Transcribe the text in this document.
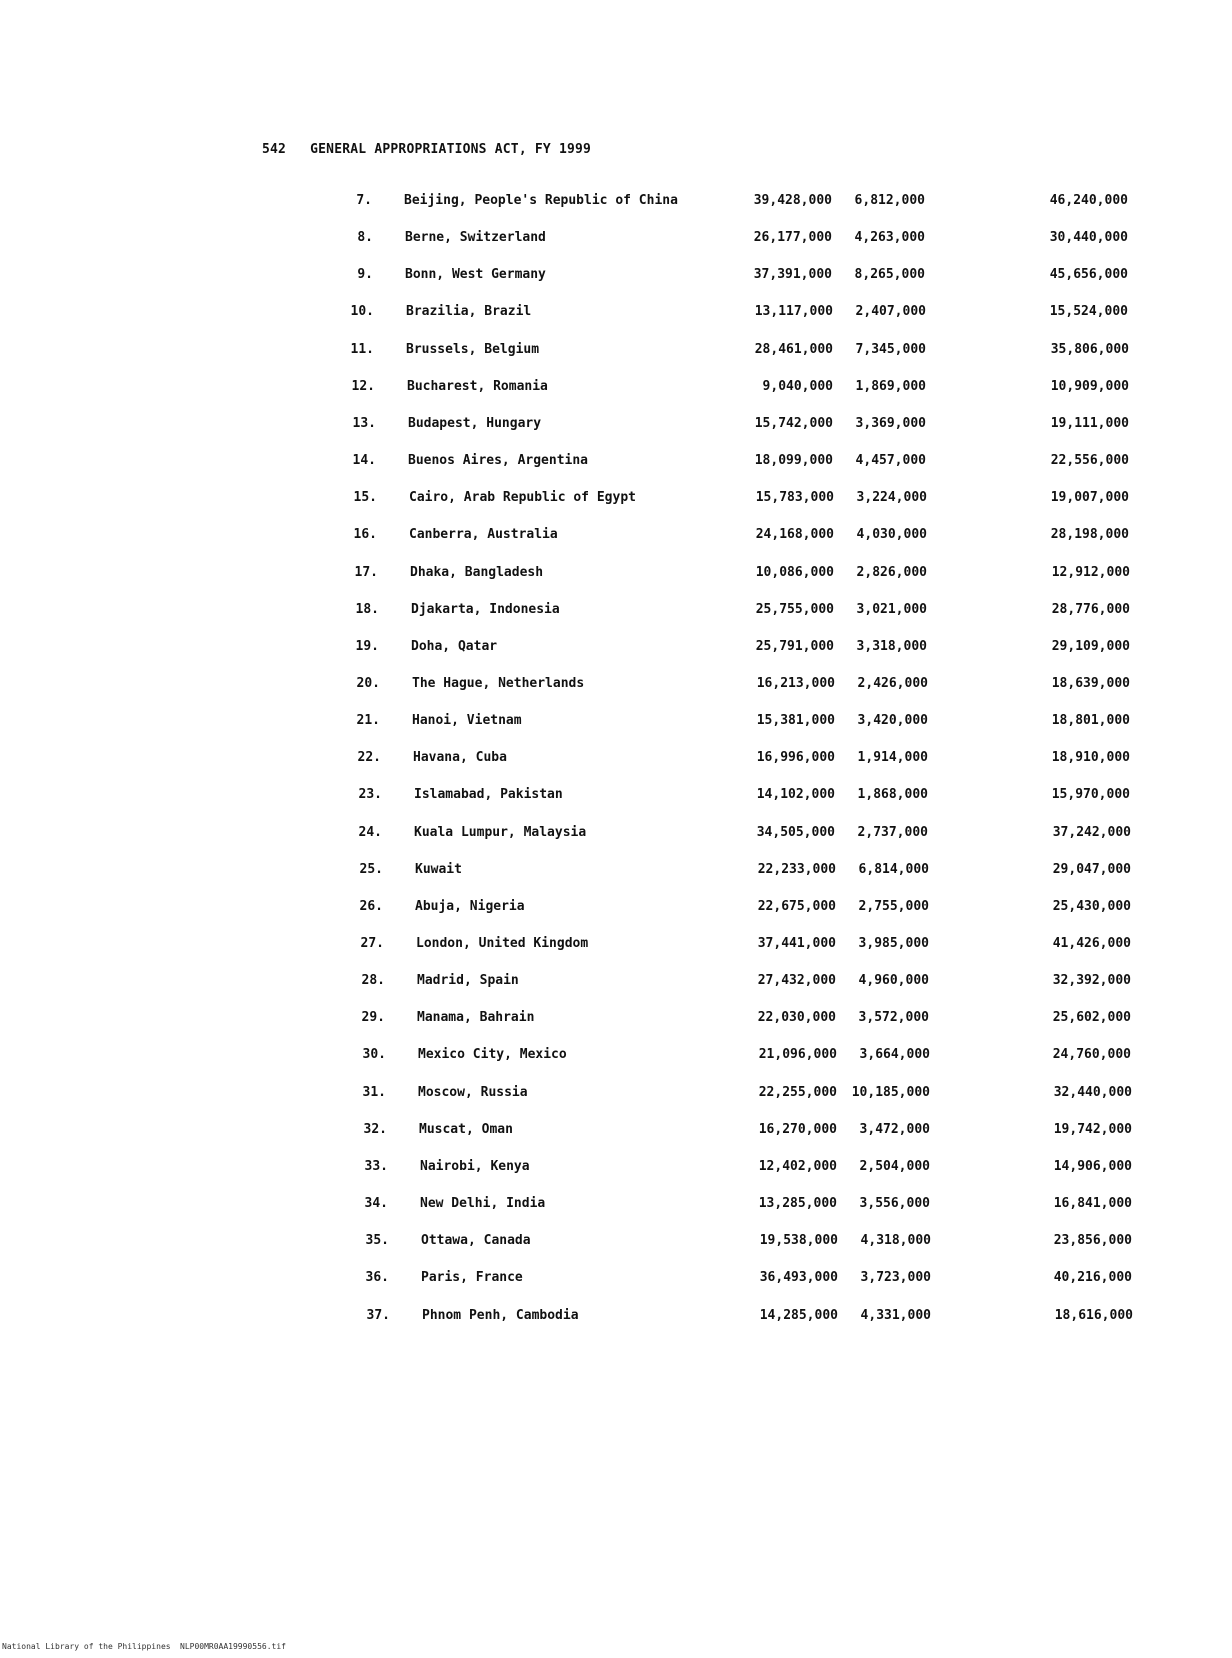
542 GENERAL APPROPRIATIONS ACT, FY 1999
7. Beijing, People's Republic of China	39,428,000	6,812,000	46,240,000
8. Berne, Switzerland	26,177,000	4,263,000	30,440,000
9. Bonn, West Germany	37,391,000	8,265,000	45,656,000
10. Brazilia, Brazil	13,117,000	2,407,000	15,524,000
11. Brussels, Belgium	28,461,000	7,345,000	35,806,000
12. Bucharest, Romania	9,040,000	1,869,000	10,909,000
13. Budapest, Hungary	15,742,000	3,369,000	19,111,000
14. Buenos Aires, Argentina	18,099,000	4,457,000	22,556,000
15. Cairo, Arab Republic of Egypt	15,783,000	3,224,000	19,007,000
16. Canberra, Australia	24,168,000	4,030,000	28,198,000
17. Dhaka, Bangladesh	10,086,000	2,826,000	12,912,000
18. Djakarta, Indonesia	25,755,000	3,021,000	28,776,000
19. Doha, Qatar	25,791,000	3,318,000	29,109,000
20. The Hague, Netherlands	16,213,000	2,426,000	18,639,000
21. Hanoi, Vietnam	15,381,000	3,420,000	18,801,000
22. Havana, Cuba	16,996,000	1,914,000	18,910,000
23. Islamabad, Pakistan	14,102,000	1,868,000	15,970,000
24. Kuala Lumpur, Malaysia	34,505,000	2,737,000	37,242,000
25. Kuwait	22,233,000	6,814,000	29,047,000
26. Abuja, Nigeria	22,675,000	2,755,000	25,430,000
27. London, United Kingdom	37,441,000	3,985,000	41,426,000
28. Madrid, Spain	27,432,000	4,960,000	32,392,000
29. Manama, Bahrain	22,030,000	3,572,000	25,602,000
30. Mexico City, Mexico	21,096,000	3,664,000	24,760,000
31. Moscow, Russia	22,255,000	10,185,000	32,440,000
32. Muscat, Oman	16,270,000	3,472,000	19,742,000
33. Nairobi, Kenya	12,402,000	2,504,000	14,906,000
34. New Delhi, India	13,285,000	3,556,000	16,841,000
35. Ottawa, Canada	19,538,000	4,318,000	23,856,000
36. Paris, France	36,493,000	3,723,000	40,216,000
37. Phnom Penh, Cambodia	14,285,000	4,331,000	18,616,000
National Library of the Philippines NLP00MR0AA19990556.tif
